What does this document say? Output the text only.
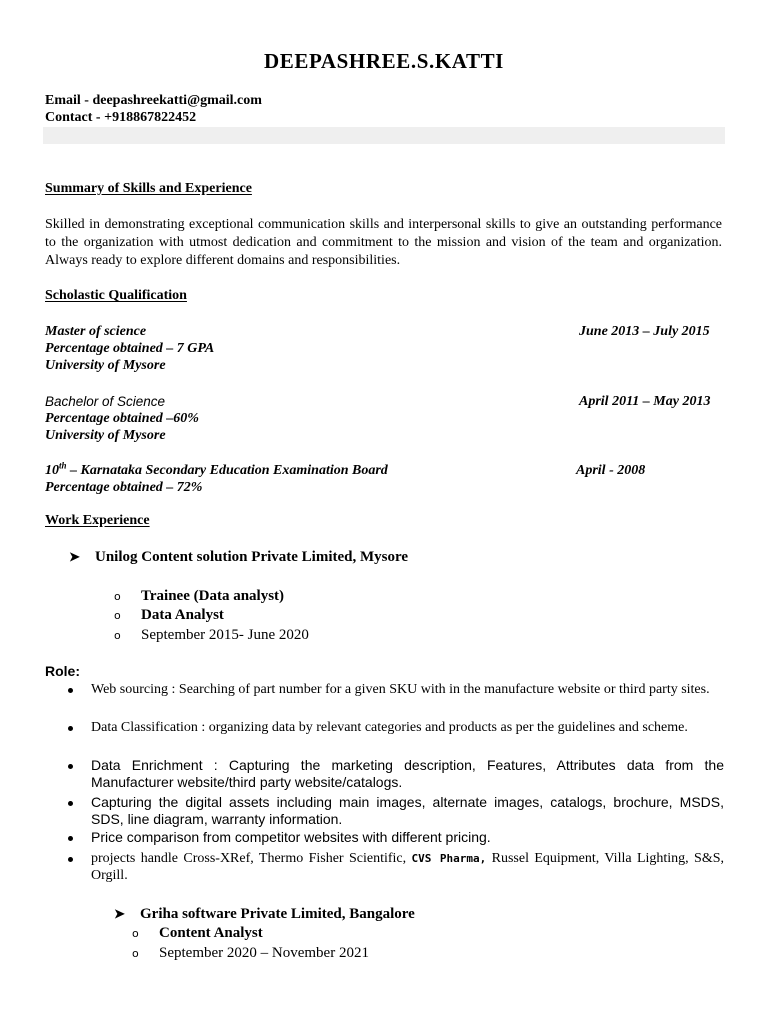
DEEPASHREE.S.KATTI
Email - deepashreekatti@gmail.com
Contact - +918867822452
Summary of Skills and Experience
Skilled in demonstrating exceptional communication skills and interpersonal skills to give an outstanding performance to the organization with utmost dedication and commitment to the mission and vision of the team and organization. Always ready to explore different domains and responsibilities.
Scholastic Qualification
Master of science	June 2013 – July 2015
Percentage obtained – 7 GPA
University of Mysore
Bachelor of Science	April 2011 – May 2013
Percentage obtained –60%
University of Mysore
10th – Karnataka Secondary Education Examination Board	April - 2008
Percentage obtained – 72%
Work Experience
➤ Unilog Content solution Private Limited, Mysore
o Trainee (Data analyst)
o Data Analyst
o September 2015- June 2020
Role:
Web sourcing : Searching of part number for a given SKU with in the manufacture website or third party sites.
Data Classification : organizing data by relevant categories and products as per the guidelines and scheme.
Data Enrichment : Capturing the marketing description, Features, Attributes data from the Manufacturer website/third party website/catalogs.
Capturing the digital assets including main images, alternate images, catalogs, brochure, MSDS, SDS, line diagram, warranty information.
Price comparison from competitor websites with different pricing.
projects handle Cross-XRef, Thermo Fisher Scientific, CVS Pharma, Russel Equipment, Villa Lighting, S&S, Orgill.
➤ Griha software Private Limited, Bangalore
o Content Analyst
o September 2020 – November 2021
